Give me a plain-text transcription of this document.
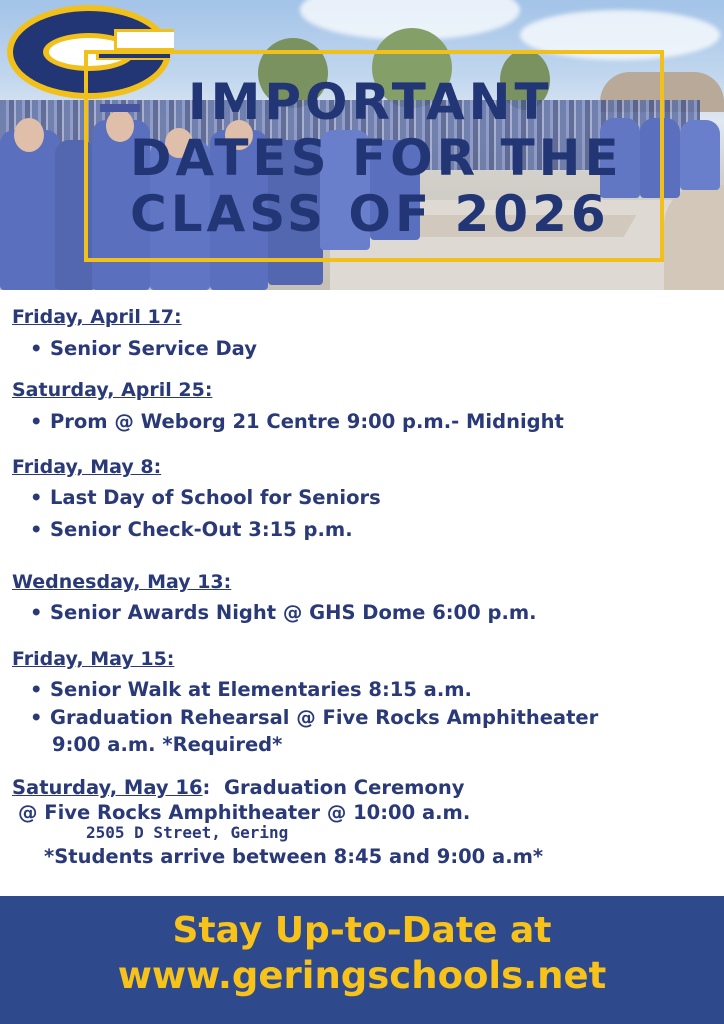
IMPORTANT
DATES FOR THE
CLASS OF 2026
Friday, April 17:
• Senior Service Day
Saturday, April 25:
• Prom @ Weborg 21 Centre 9:00 p.m.- Midnight
Friday, May 8:
• Last Day of School for Seniors
• Senior Check-Out 3:15 p.m.
Wednesday, May 13:
• Senior Awards Night @ GHS Dome 6:00 p.m.
Friday, May 15:
• Senior Walk at Elementaries 8:15 a.m.
• Graduation Rehearsal @ Five Rocks Amphitheater
9:00 a.m. *Required*
Saturday, May 16: Graduation Ceremony
@ Five Rocks Amphitheater @ 10:00 a.m.
2505 D Street, Gering
*Students arrive between 8:45 and 9:00 a.m*
Stay Up-to-Date at
www.geringschools.net
